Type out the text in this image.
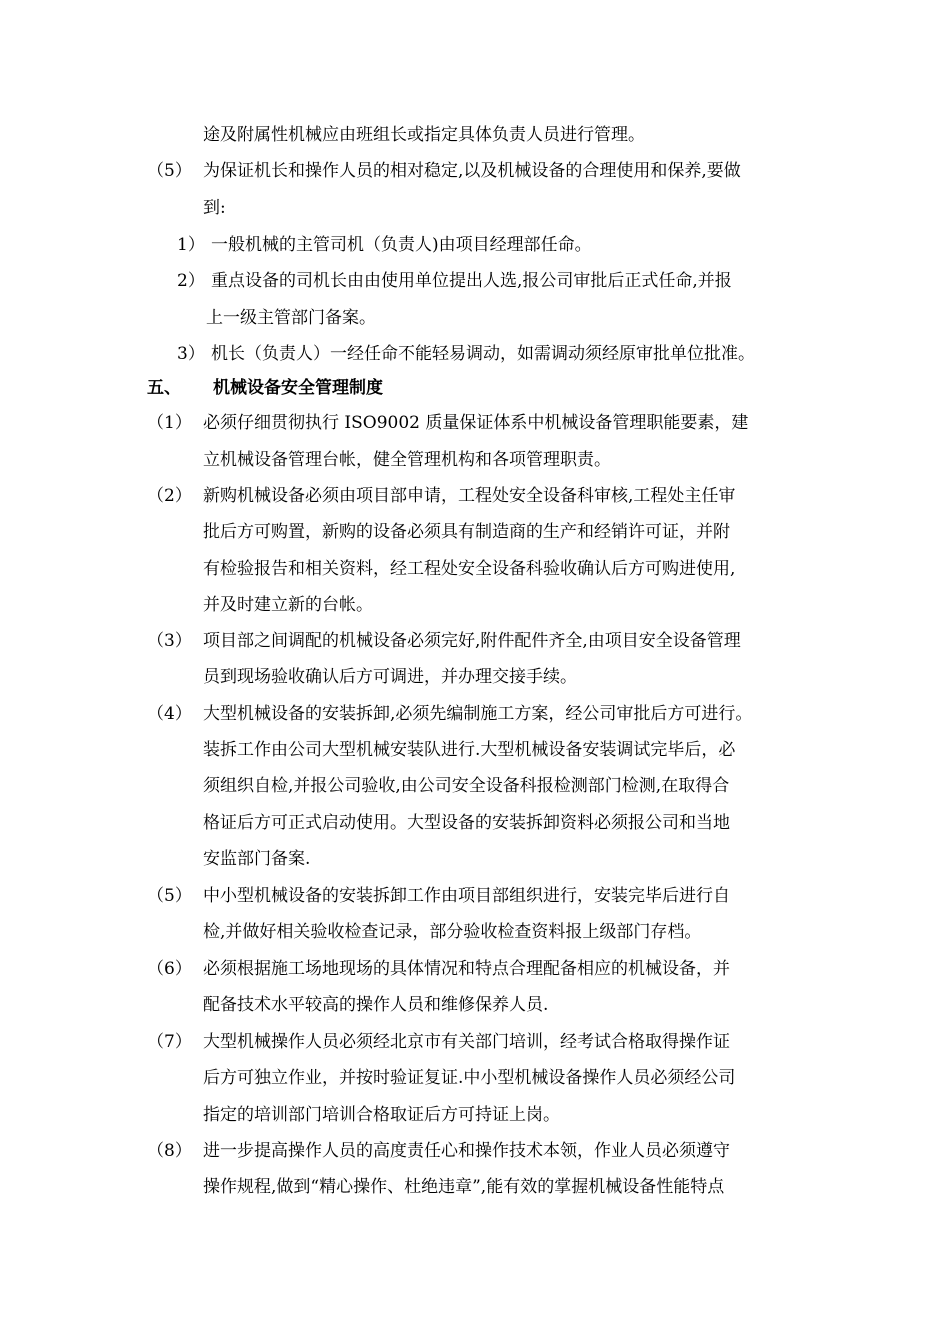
途及附属性机械应由班组长或指定具体负责人员进行管理。
（5） 为保证机长和操作人员的相对稳定,以及机械设备的合理使用和保养,要做
到:
1） 一般机械的主管司机（负责人)由项目经理部任命。
2） 重点设备的司机长由由使用单位提出人选,报公司审批后正式任命,并报
上一级主管部门备案。
3） 机长（负责人）一经任命不能轻易调动，如需调动须经原审批单位批准。
五、 机械设备安全管理制度
（1） 必须仔细贯彻执行 ISO9002 质量保证体系中机械设备管理职能要素，建
立机械设备管理台帐，健全管理机构和各项管理职责。
（2） 新购机械设备必须由项目部申请，工程处安全设备科审核,工程处主任审
批后方可购置，新购的设备必须具有制造商的生产和经销许可证，并附
有检验报告和相关资料，经工程处安全设备科验收确认后方可购进使用,
并及时建立新的台帐。
（3） 项目部之间调配的机械设备必须完好,附件配件齐全,由项目安全设备管理
员到现场验收确认后方可调进，并办理交接手续。
（4） 大型机械设备的安装拆卸,必须先编制施工方案，经公司审批后方可进行。
装拆工作由公司大型机械安装队进行.大型机械设备安装调试完毕后，必
须组织自检,并报公司验收,由公司安全设备科报检测部门检测,在取得合
格证后方可正式启动使用。大型设备的安装拆卸资料必须报公司和当地
安监部门备案.
（5） 中小型机械设备的安装拆卸工作由项目部组织进行，安装完毕后进行自
检,并做好相关验收检查记录，部分验收检查资料报上级部门存档。
（6） 必须根据施工场地现场的具体情况和特点合理配备相应的机械设备，并
配备技术水平较高的操作人员和维修保养人员.
（7） 大型机械操作人员必须经北京市有关部门培训，经考试合格取得操作证
后方可独立作业，并按时验证复证.中小型机械设备操作人员必须经公司
指定的培训部门培训合格取证后方可持证上岗。
（8） 进一步提高操作人员的高度责任心和操作技术本领，作业人员必须遵守
操作规程,做到“精心操作、杜绝违章”,能有效的掌握机械设备性能特点
